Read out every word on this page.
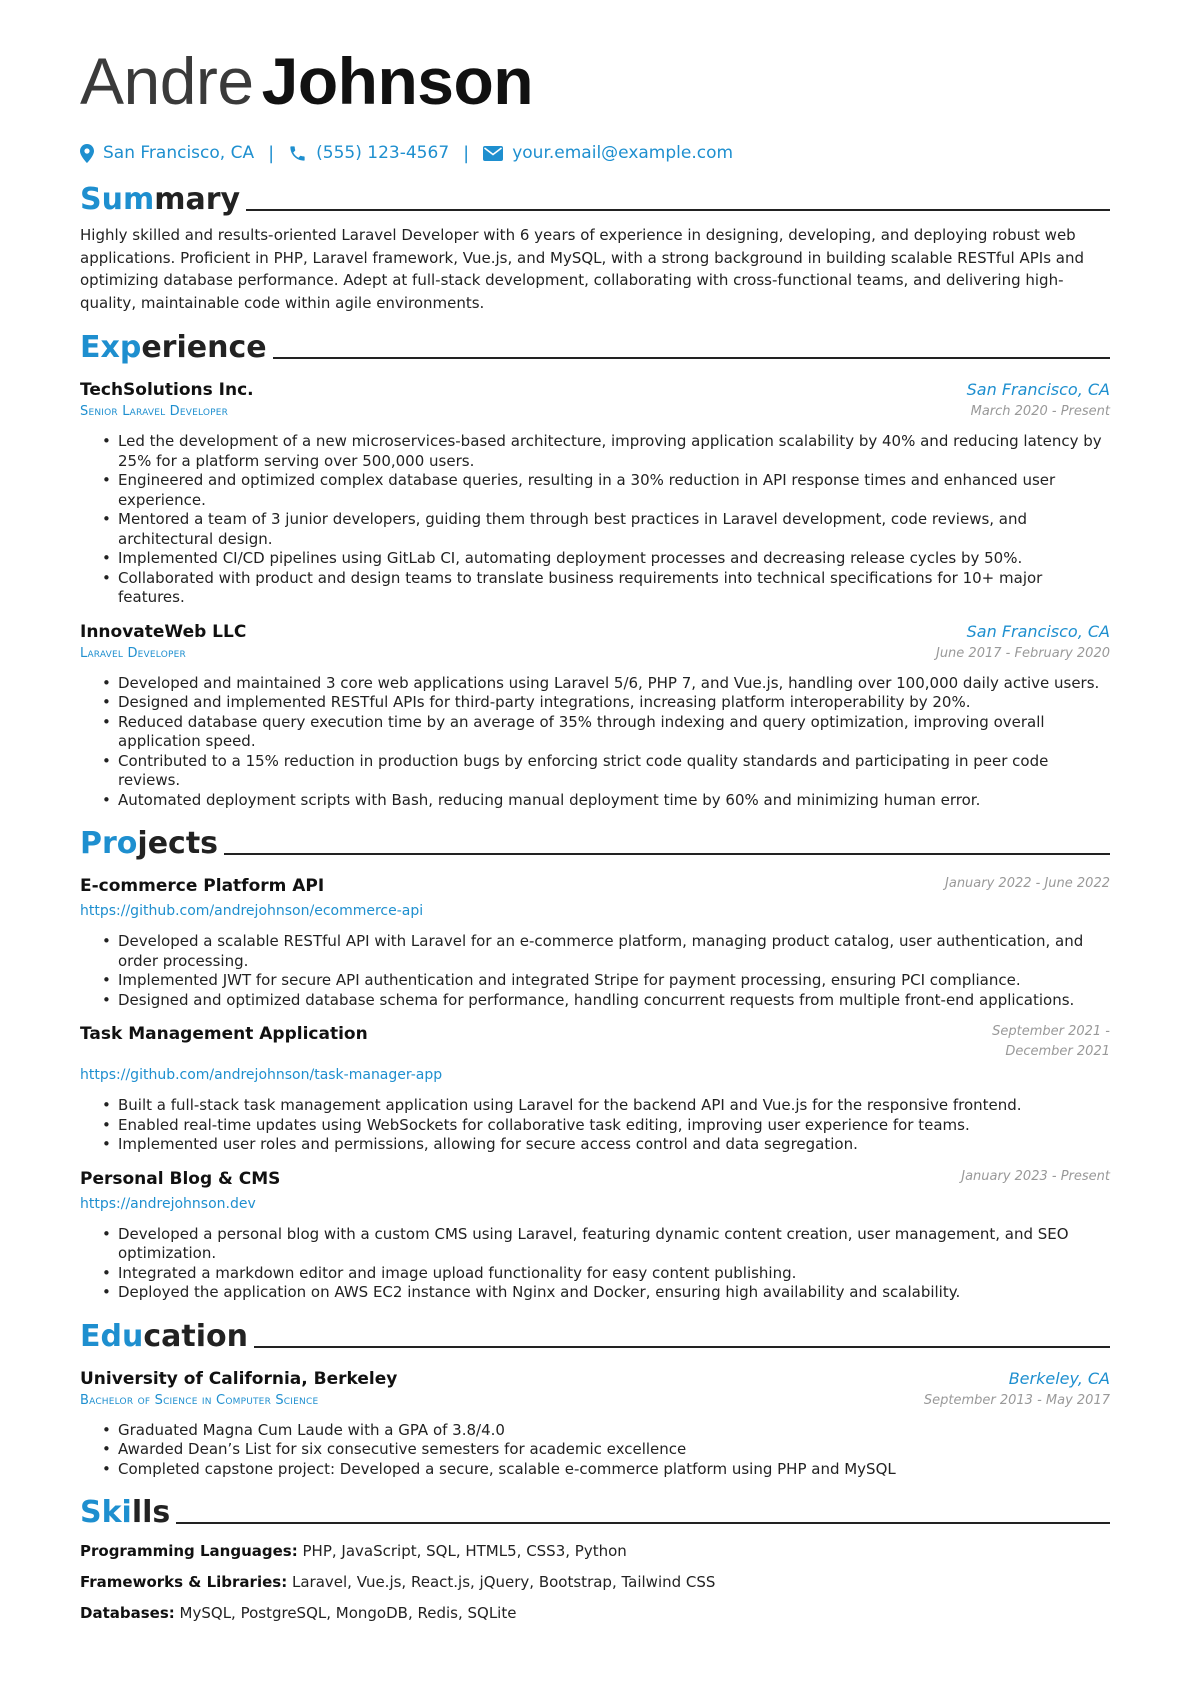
Andre Johnson
San Francisco, CA | (555) 123-4567 |	your.email@example.com
Summary

Highly skilled and results-oriented Laravel Developer with 6 years of experience in designing, developing, and deploying robust web applications. Proficient in PHP, Laravel framework, Vue.js, and MySQL, with a strong background in building scalable RESTful APIs and optimizing database performance. Adept at full-stack development, collaborating with cross-functional teams, and delivering high-quality, maintainable code within agile environments.

Experience
TechSolutions Inc.	San Francisco, CA
Senior Laravel Developer	March 2020 - Present
• Led the development of a new microservices-based architecture, improving application scalability by 40% and reducing latency by 25% for a platform serving over 500,000 users.
• Engineered and optimized complex database queries, resulting in a 30% reduction in API response times and enhanced user experience.
• Mentored a team of 3 junior developers, guiding them through best practices in Laravel development, code reviews, and architectural design.
• Implemented CI/CD pipelines using GitLab CI, automating deployment processes and decreasing release cycles by 50%.
• Collaborated with product and design teams to translate business requirements into technical specifications for 10+ major features.
InnovateWeb LLC	San Francisco, CA
Laravel Developer	June 2017 - February 2020
• Developed and maintained 3 core web applications using Laravel 5/6, PHP 7, and Vue.js, handling over 100,000 daily active users.
• Designed and implemented RESTful APIs for third-party integrations, increasing platform interoperability by 20%.
• Reduced database query execution time by an average of 35% through indexing and query optimization, improving overall application speed.
• Contributed to a 15% reduction in production bugs by enforcing strict code quality standards and participating in peer code reviews.
• Automated deployment scripts with Bash, reducing manual deployment time by 60% and minimizing human error.
Projects
E-commerce Platform API	January 2022 - June 2022
https://github.com/andrejohnson/ecommerce-api
• Developed a scalable RESTful API with Laravel for an e-commerce platform, managing product catalog, user authentication, and order processing.
• Implemented JWT for secure API authentication and integrated Stripe for payment processing, ensuring PCI compliance.
• Designed and optimized database schema for performance, handling concurrent requests from multiple front-end applications.
Task Management Application	September 2021 - December 2021
https://github.com/andrejohnson/task-manager-app
• Built a full-stack task management application using Laravel for the backend API and Vue.js for the responsive frontend.
• Enabled real-time updates using WebSockets for collaborative task editing, improving user experience for teams.
• Implemented user roles and permissions, allowing for secure access control and data segregation.
Personal Blog & CMS	January 2023 - Present
https://andrejohnson.dev
• Developed a personal blog with a custom CMS using Laravel, featuring dynamic content creation, user management, and SEO optimization.
• Integrated a markdown editor and image upload functionality for easy content publishing.
• Deployed the application on AWS EC2 instance with Nginx and Docker, ensuring high availability and scalability.
Education
University of California, Berkeley	Berkeley, CA
Bachelor of Science in Computer Science	September 2013 - May 2017
• Graduated Magna Cum Laude with a GPA of 3.8/4.0
• Awarded Dean’s List for six consecutive semesters for academic excellence
• Completed capstone project: Developed a secure, scalable e-commerce platform using PHP and MySQL
Skills
Programming Languages: PHP, JavaScript, SQL, HTML5, CSS3, Python
Frameworks & Libraries: Laravel, Vue.js, React.js, jQuery, Bootstrap, Tailwind CSS
Databases: MySQL, PostgreSQL, MongoDB, Redis, SQLite
